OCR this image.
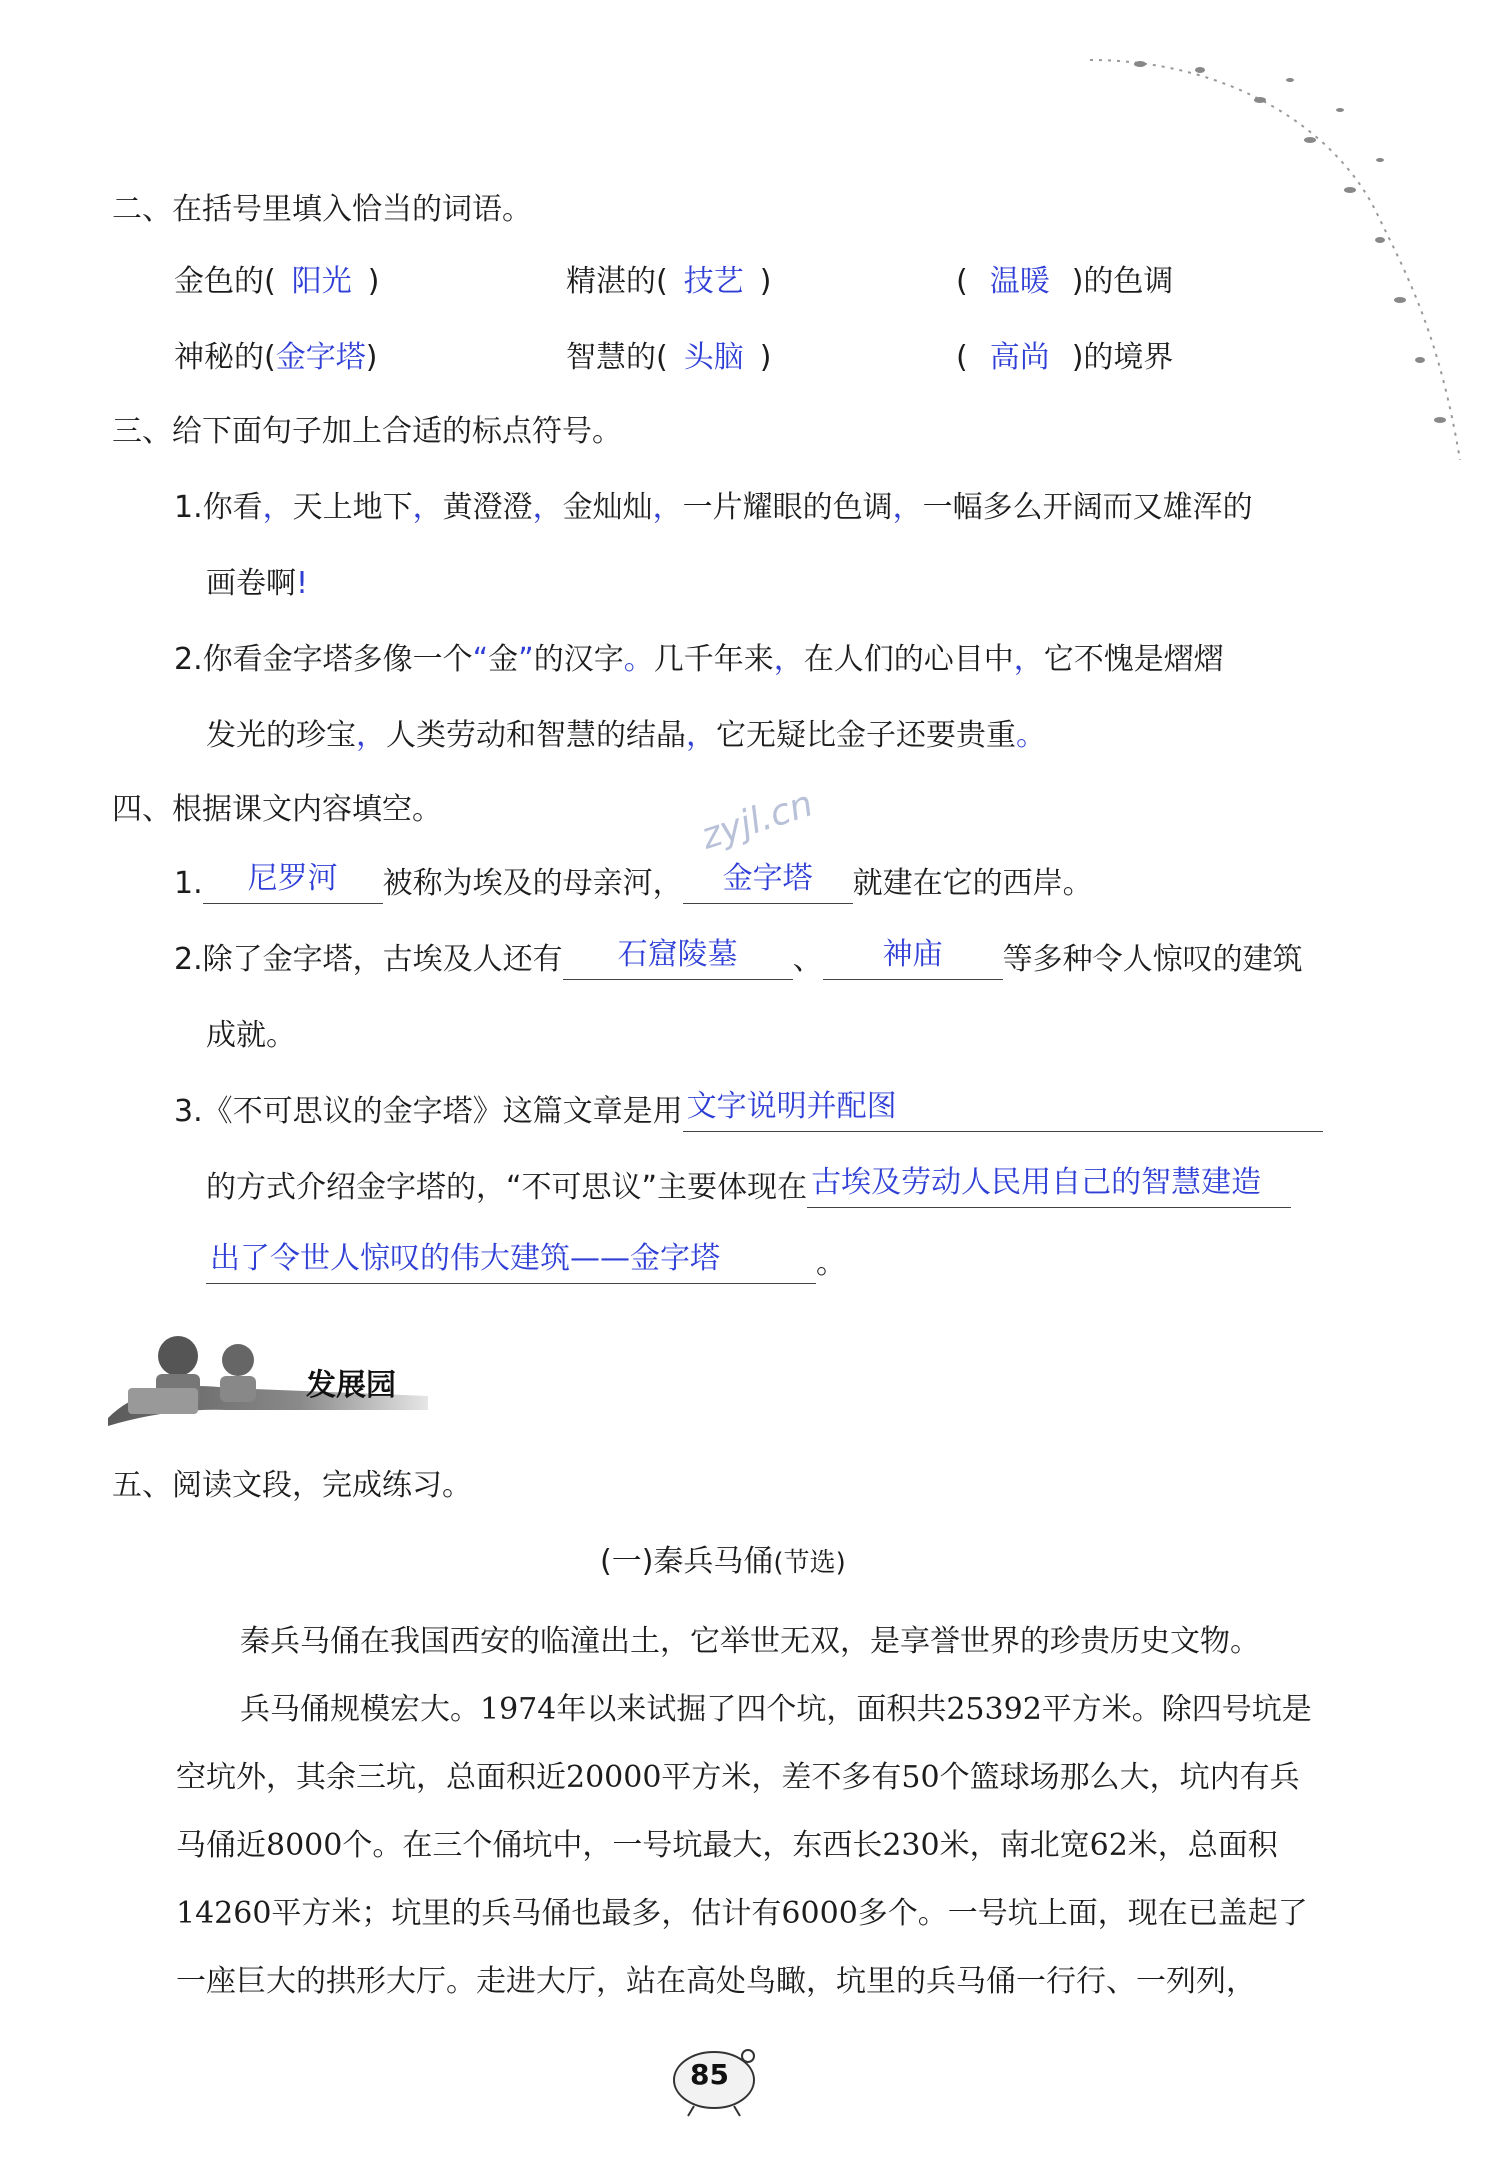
二、在括号里填入恰当的词语。
金色的( 阳光 )	精湛的( 技艺 )	( 温暖 )的色调
神秘的(金字塔)	智慧的( 头脑 )	( 高尚 )的境界
三、给下面句子加上合适的标点符号。
1.你看，天上地下，黄澄澄，金灿灿，一片耀眼的色调，一幅多么开阔而又雄浑的
画卷啊!
2.你看金字塔多像一个“金”的汉字。几千年来，在人们的心目中，它不愧是熠熠
发光的珍宝，人类劳动和智慧的结晶，它无疑比金子还要贵重。
四、根据课文内容填空。	zyjl.cn
1.	尼罗河	被称为埃及的母亲河，	金字塔	就建在它的西岸。
2.除了金字塔，古埃及人还有	石窟陵墓	、	神庙	等多种令人惊叹的建筑
成就。
3.《不可思议的金字塔》这篇文章是用 文字说明并配图
的方式介绍金字塔的，“不可思议”主要体现在 古埃及劳动人民用自己的智慧建造
出了令世人惊叹的伟大建筑——金字塔	。
发展园
五、阅读文段，完成练习。
(一)秦兵马俑(节选)
秦兵马俑在我国西安的临潼出土，它举世无双，是享誉世界的珍贵历史文物。
兵马俑规模宏大。1974年以来试掘了四个坑，面积共25392平方米。除四号坑是
空坑外，其余三坑，总面积近20000平方米，差不多有50个篮球场那么大，坑内有兵
马俑近8000个。在三个俑坑中，一号坑最大，东西长230米，南北宽62米，总面积
14260平方米；坑里的兵马俑也最多，估计有6000多个。一号坑上面，现在已盖起了
一座巨大的拱形大厅。走进大厅，站在高处鸟瞰，坑里的兵马俑一行行、一列列，
85
